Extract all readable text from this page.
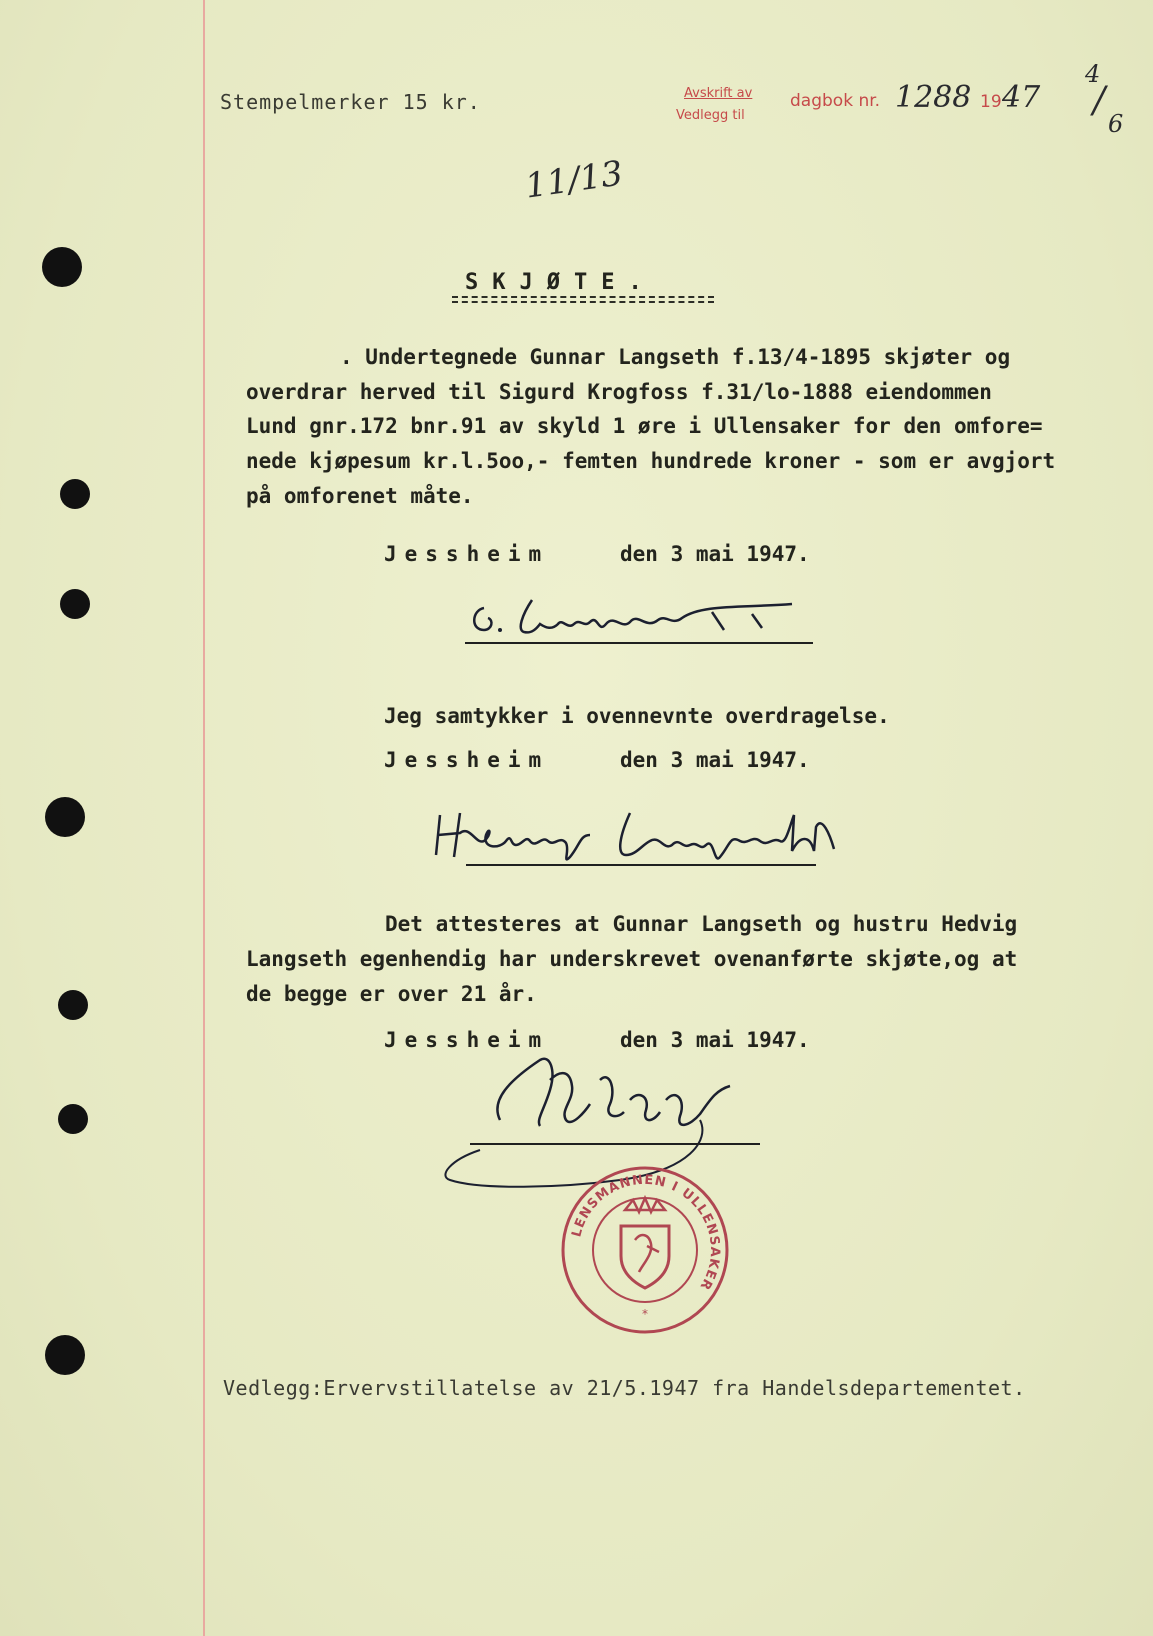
Stempelmerker 15 kr.	Avskrift av
Vedlegg til
dagbok nr. 1288 19 47
4
/
6
11/13
SKJØTE.
. Undertegnede Gunnar Langseth f.13/4-1895 skjøter og
overdrar herved til Sigurd Krogfoss f.31/lo-1888 eiendommen
Lund gnr.172 bnr.91 av skyld 1 øre i Ullensaker for den omfore=
nede kjøpesum kr.l.5oo,- femten hundrede kroner - som er avgjort
på omforenet måte.
Jessheim	den 3 mai 1947.
Jeg samtykker i ovennevnte overdragelse.
Jessheim	den 3 mai 1947.
Det attesteres at Gunnar Langseth og hustru Hedvig
Langseth egenhendig har underskrevet ovenanførte skjøte,og at
de begge er over 21 år.
Jessheim	den 3 mai 1947.
LENSMANNEN I ULLENSAKER
*
Vedlegg:Ervervstillatelse av 21/5.1947 fra Handelsdepartementet.
